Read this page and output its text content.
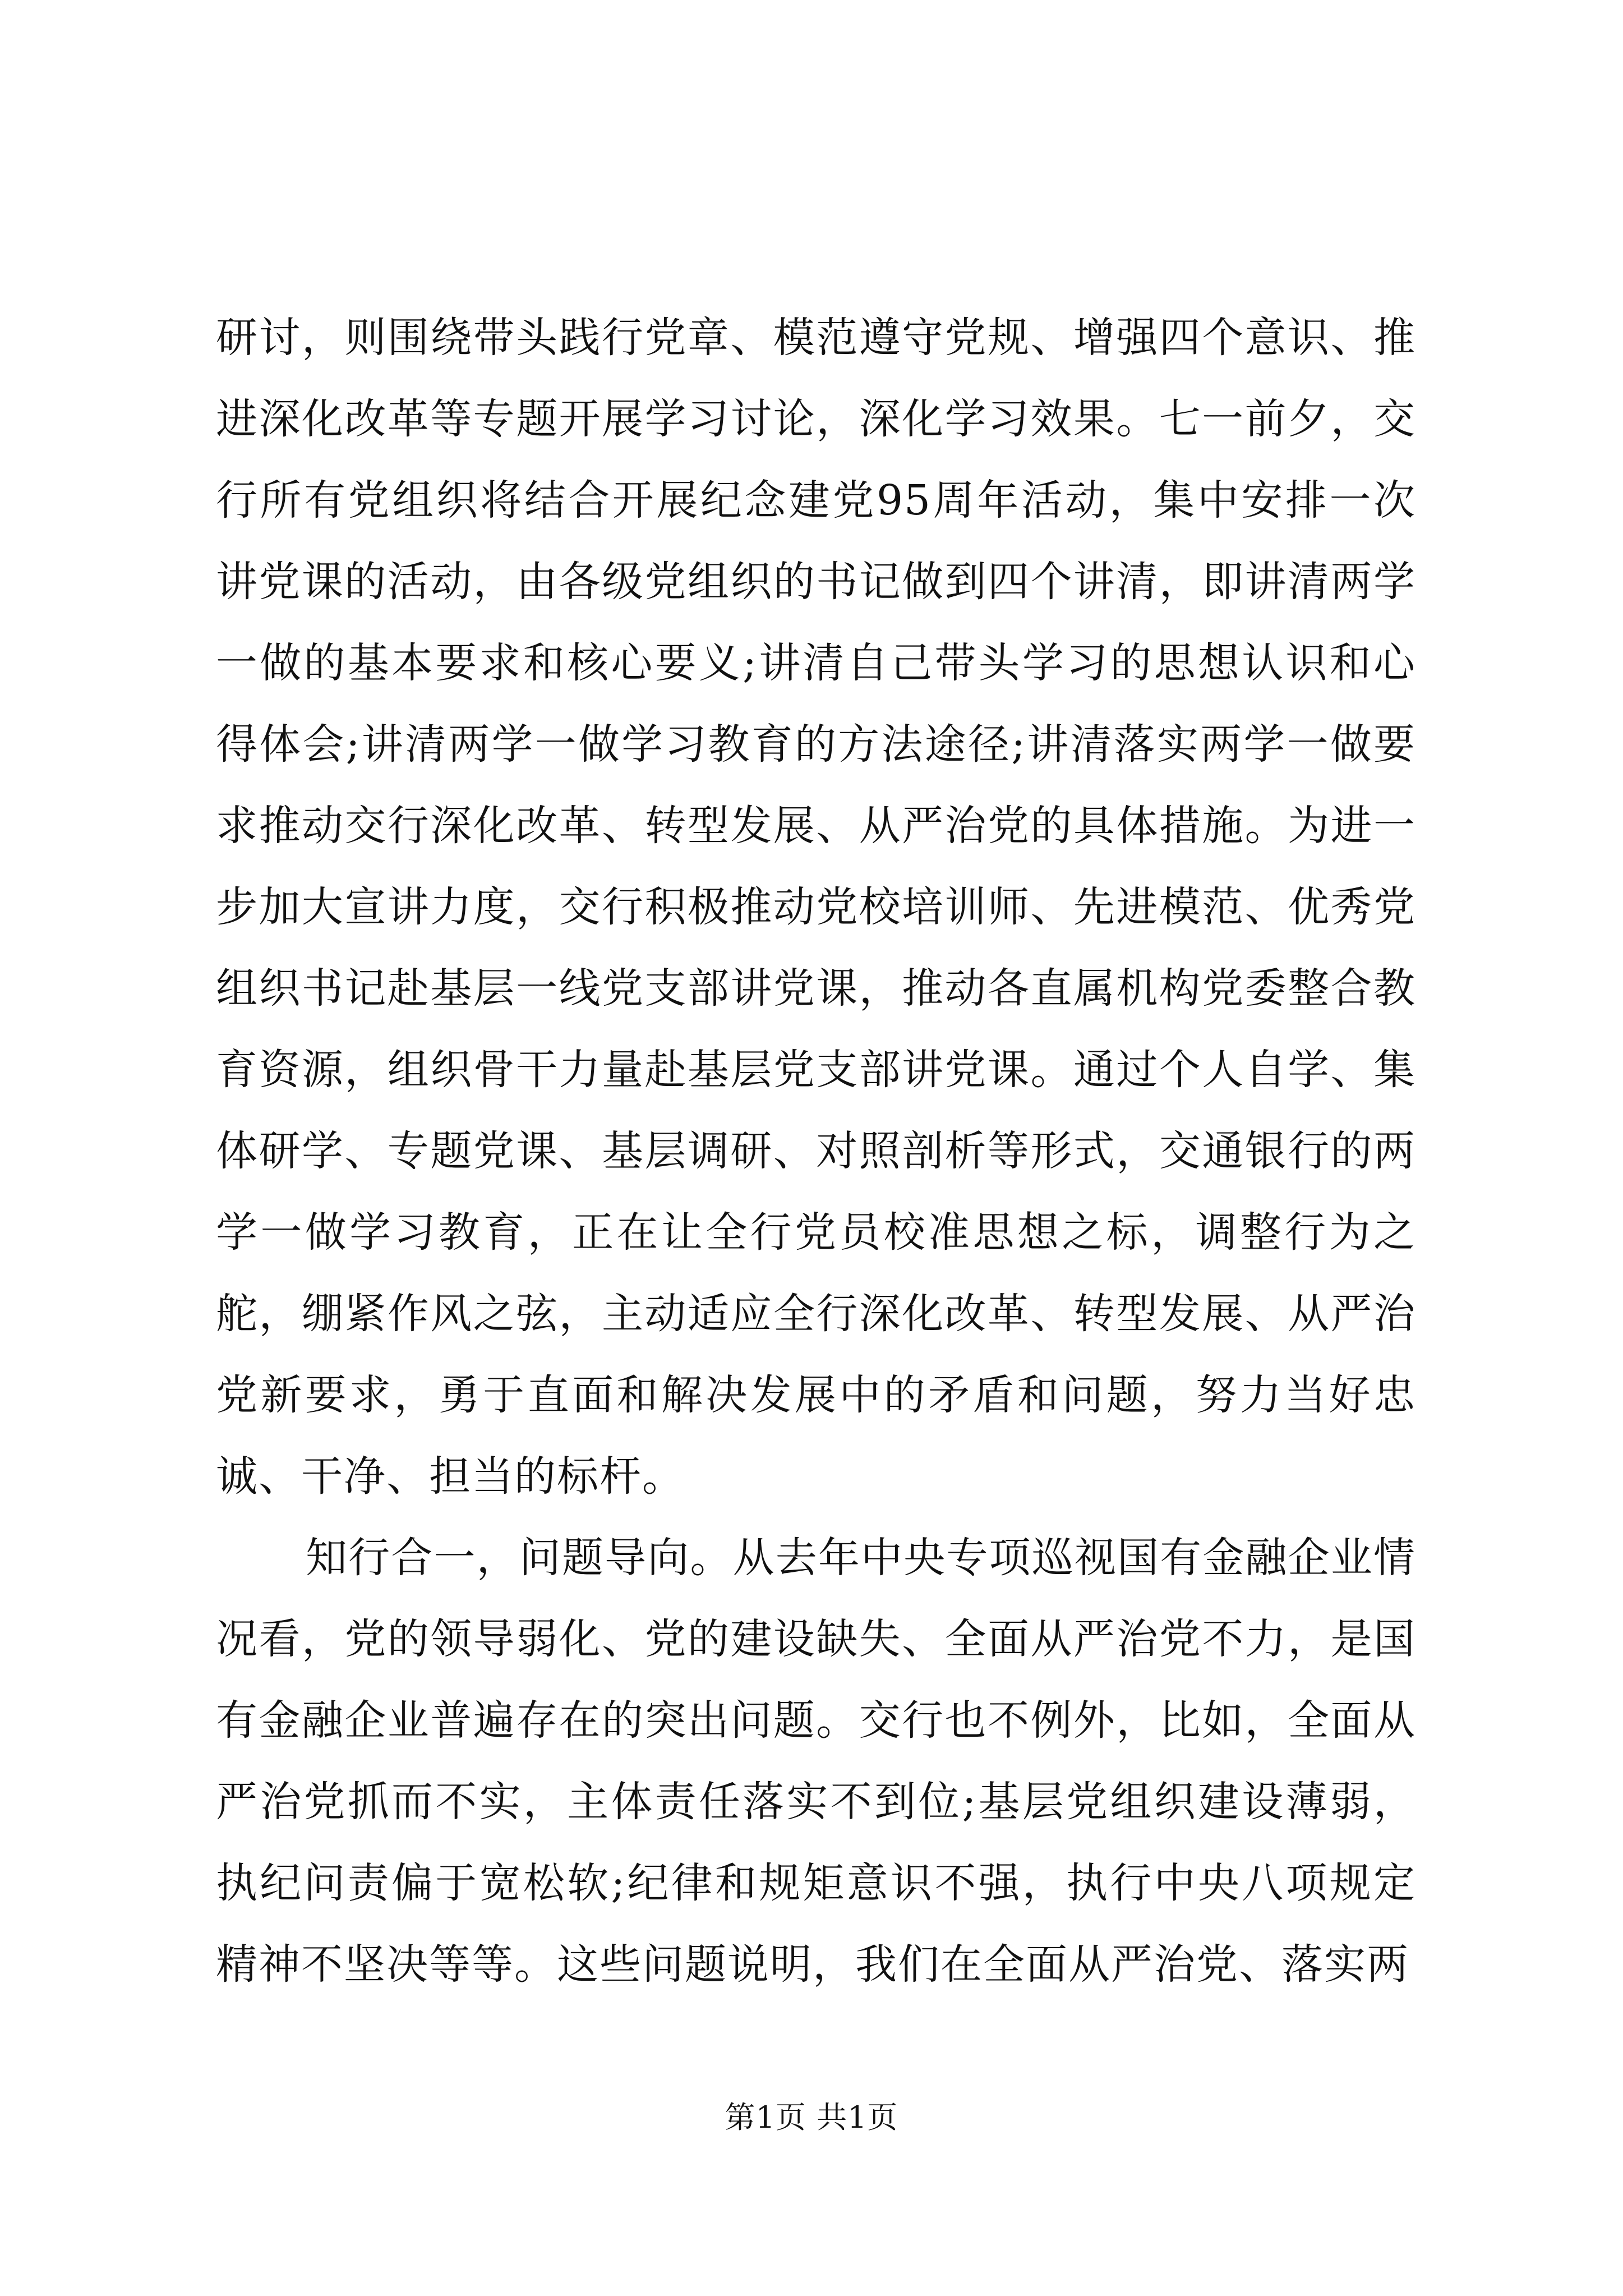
研讨，则围绕带头践行党章、模范遵守党规、增强四个意识、推进深化改革等专题开展学习讨论，深化学习效果。七一前夕，交行所有党组织将结合开展纪念建党95周年活动，集中安排一次讲党课的活动，由各级党组织的书记做到四个讲清，即讲清两学一做的基本要求和核心要义;讲清自己带头学习的思想认识和心得体会;讲清两学一做学习教育的方法途径;讲清落实两学一做要求推动交行深化改革、转型发展、从严治党的具体措施。为进一步加大宣讲力度，交行积极推动党校培训师、先进模范、优秀党组织书记赴基层一线党支部讲党课，推动各直属机构党委整合教育资源，组织骨干力量赴基层党支部讲党课。通过个人自学、集体研学、专题党课、基层调研、对照剖析等形式，交通银行的两学一做学习教育，正在让全行党员校准思想之标，调整行为之舵，绷紧作风之弦，主动适应全行深化改革、转型发展、从严治党新要求，勇于直面和解决发展中的矛盾和问题，努力当好忠诚、干净、担当的标杆。

知行合一，问题导向。从去年中央专项巡视国有金融企业情况看，党的领导弱化、党的建设缺失、全面从严治党不力，是国有金融企业普遍存在的突出问题。交行也不例外，比如，全面从严治党抓而不实，主体责任落实不到位;基层党组织建设薄弱，执纪问责偏于宽松软;纪律和规矩意识不强，执行中央八项规定精神不坚决等等。这些问题说明，我们在全面从严治党、落实两

第1页 共1页
